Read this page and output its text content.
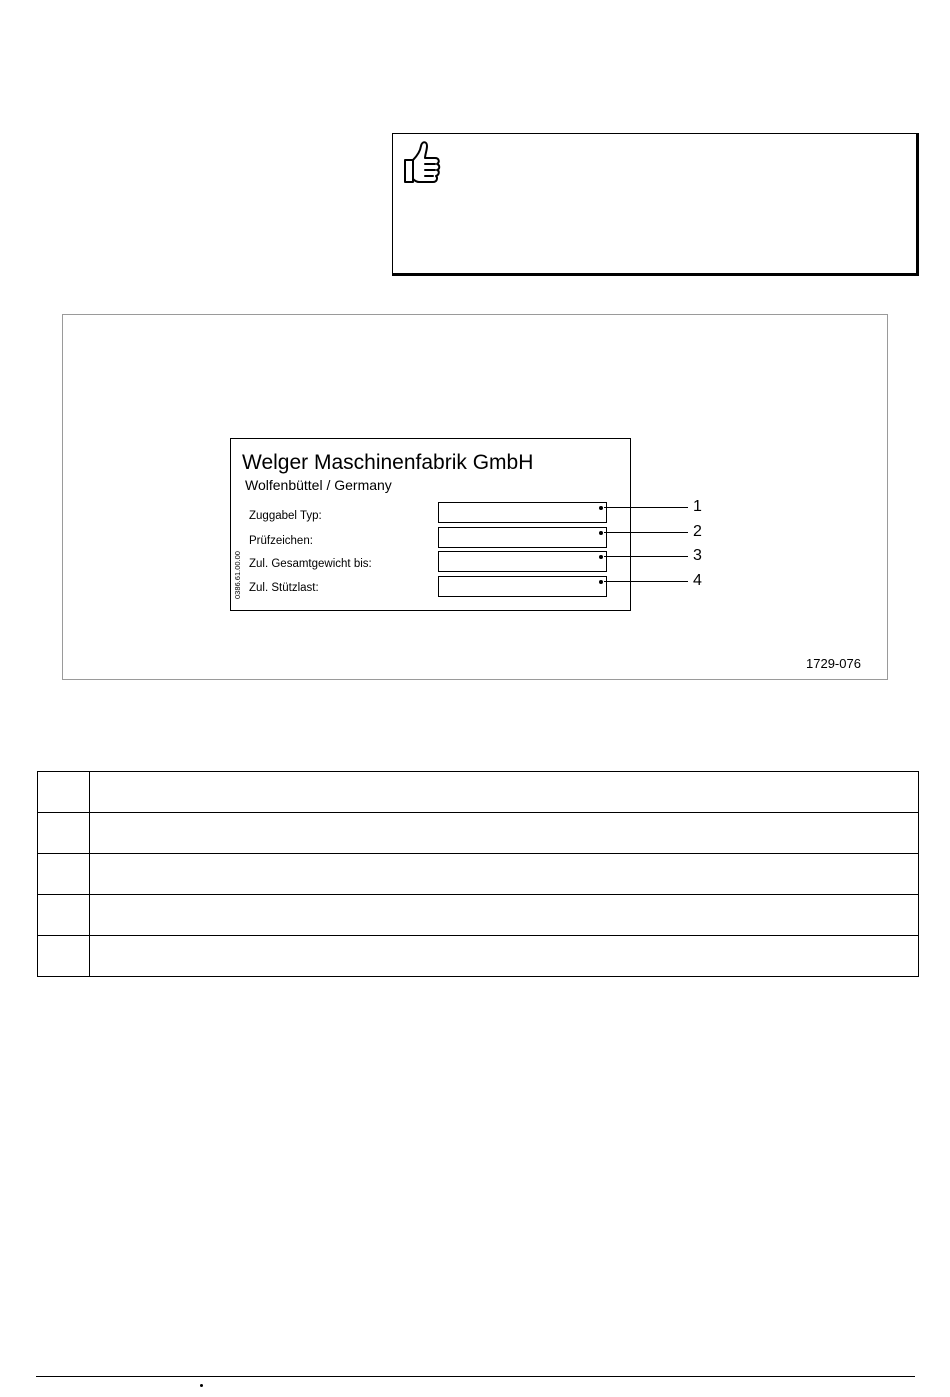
Welger Maschinenfabrik GmbH
Wolfenbüttel / Germany
Zuggabel Typ:
Prüfzeichen:
Zul. Gesamtgewicht bis:
Zul. Stützlast:
0386.61.00.00
1
2
3
4
1729-076
